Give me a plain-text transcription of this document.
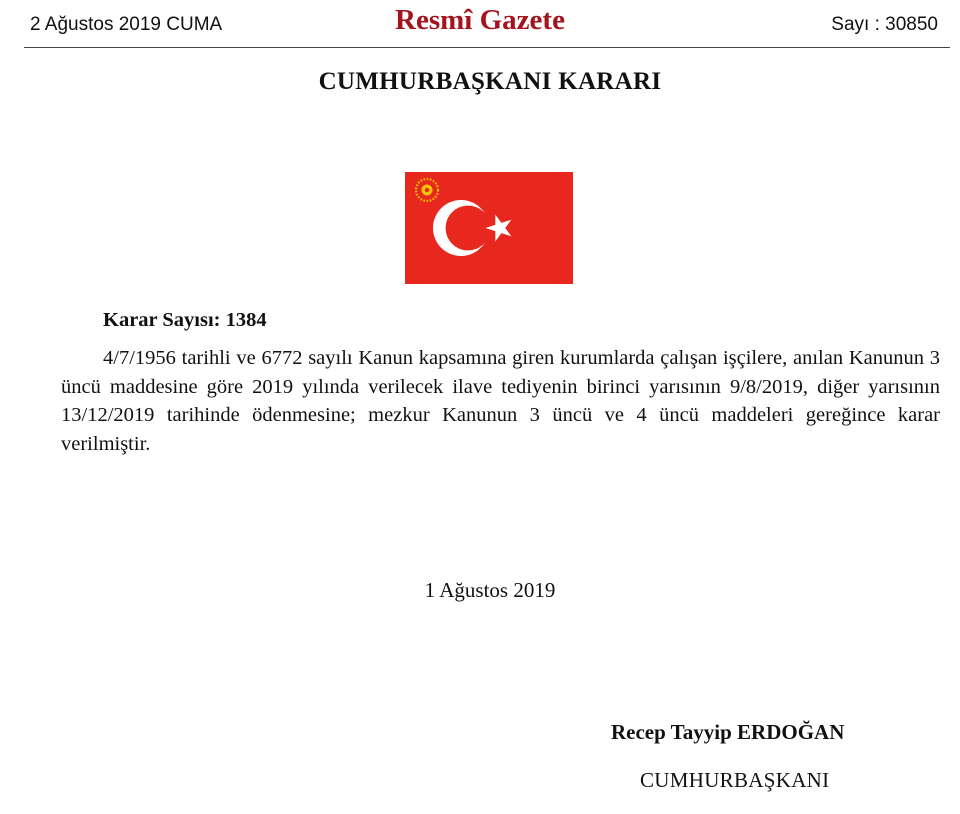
2 Ağustos 2019 CUMA	Resmî Gazete	Sayı : 30850
CUMHURBAŞKANI KARARI
Karar Sayısı: 1384

4/7/1956 tarihli ve 6772 sayılı Kanun kapsamına giren kurumlarda çalışan işçilere, anılan Kanunun 3 üncü maddesine göre 2019 yılında verilecek ilave tediyenin birinci yarısının 9/8/2019, diğer yarısının 13/12/2019 tarihinde ödenmesine; mezkur Kanunun 3 üncü ve 4 üncü maddeleri gereğince karar verilmiştir.

1 Ağustos 2019
Recep Tayyip ERDOĞAN
CUMHURBAŞKANI
